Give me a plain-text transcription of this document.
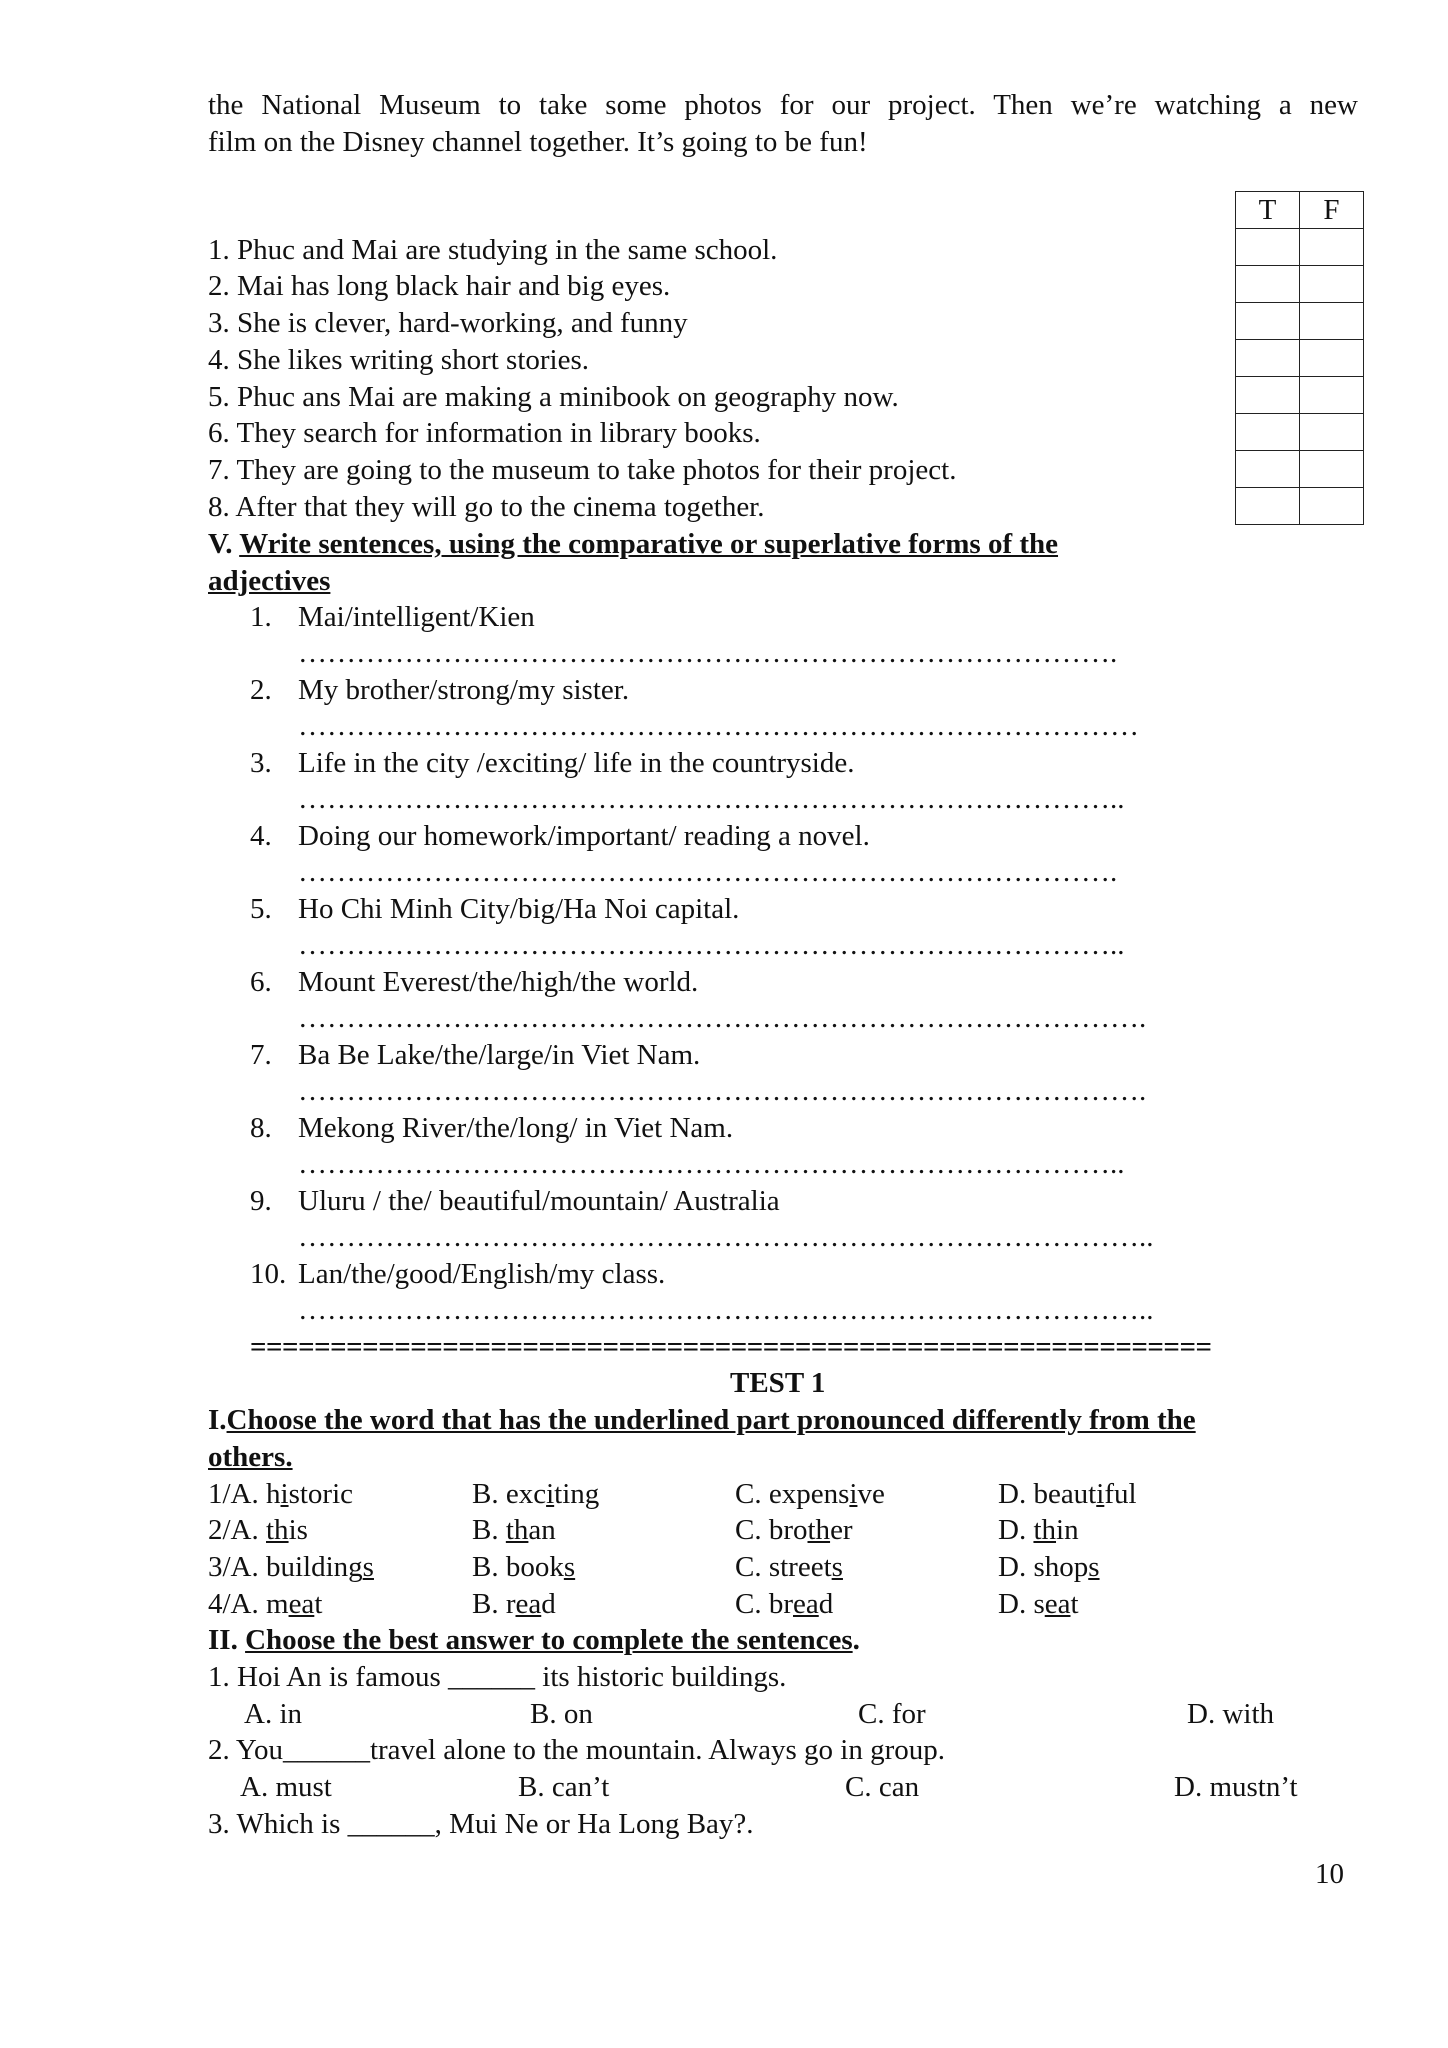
the National Museum to take some photos for our project. Then we’re watching a new
film on the Disney channel together. It’s going to be fun!
T	F

1. Phuc and Mai are studying in the same school.
2. Mai has long black hair and big eyes.
3. She is clever, hard-working, and funny
4. She likes writing short stories.
5. Phuc ans Mai are making a minibook on geography now.
6. They search for information in library books.
7. They are going to the museum to take photos for their project.
8. After that they will go to the cinema together.
V. Write sentences, using the comparative or superlative forms of the
adjectives
1. Mai/intelligent/Kien
………………………………………………………………………….
2. My brother/strong/my sister.
……………………………………………………………………………
3. Life in the city /exciting/ life in the countryside.
…………………………………………………………………………..
4. Doing our homework/important/ reading a novel.
………………………………………………………………………….
5. Ho Chi Minh City/big/Ha Noi capital.
…………………………………………………………………………..
6. Mount Everest/the/high/the world.
…………………………………………………………………………….
7. Ba Be Lake/the/large/in Viet Nam.
…………………………………………………………………………….
8. Mekong River/the/long/ in Viet Nam.
…………………………………………………………………………..
9. Uluru / the/ beautiful/mountain/ Australia
……………………………………………………………………………..
10. Lan/the/good/English/my class.
……………………………………………………………………………..
============================================================
TEST 1
I.Choose the word that has the underlined part pronounced differently from the
others.
1/A. historic	B. exciting	C. expensive	D. beautiful
2/A. this	B. than	C. brother	D. thin
3/A. buildings	B. books	C. streets	D. shops
4/A. meat	B. read	C. bread	D. seat
II. Choose the best answer to complete the sentences.
1. Hoi An is famous ______ its historic buildings.
A. in	B. on	C. for	D. with
2. You______travel alone to the mountain. Always go in group.
A. must	B. can’t	C. can	D. mustn’t
3. Which is ______, Mui Ne or Ha Long Bay?.
10
